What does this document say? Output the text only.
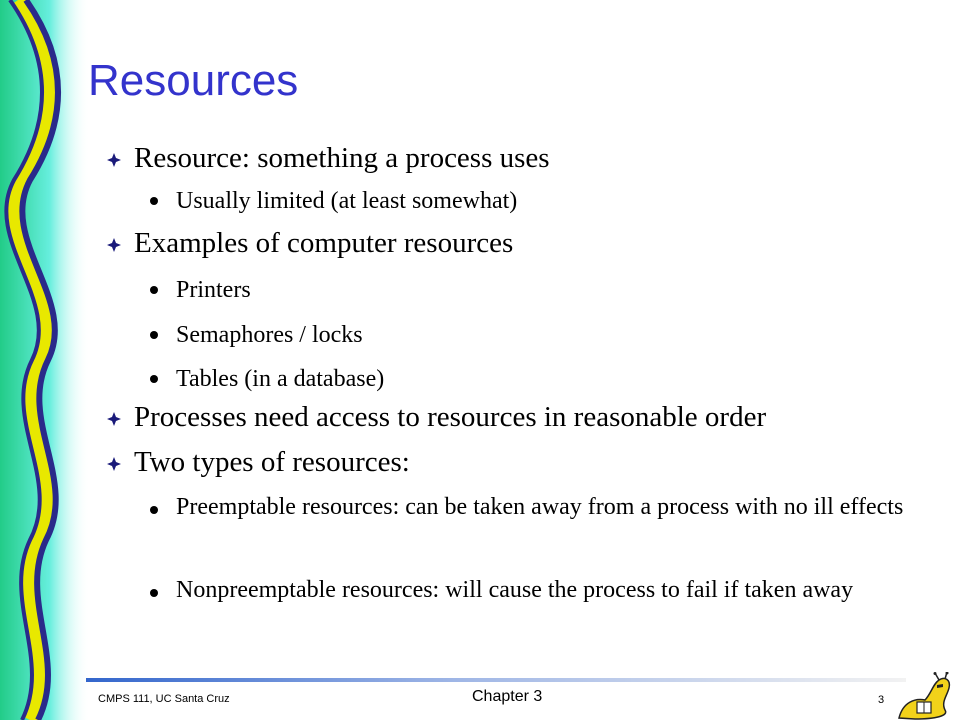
Resources
Resource: something a process uses
Usually limited (at least somewhat)
Examples of computer resources
Printers
Semaphores / locks
Tables (in a database)
Processes need access to resources in reasonable order
Two types of resources:
Preemptable resources: can be taken away from a process with no ill effects
Nonpreemptable resources: will cause the process to fail if taken away
CMPS 111, UC Santa Cruz	Chapter 3	3
